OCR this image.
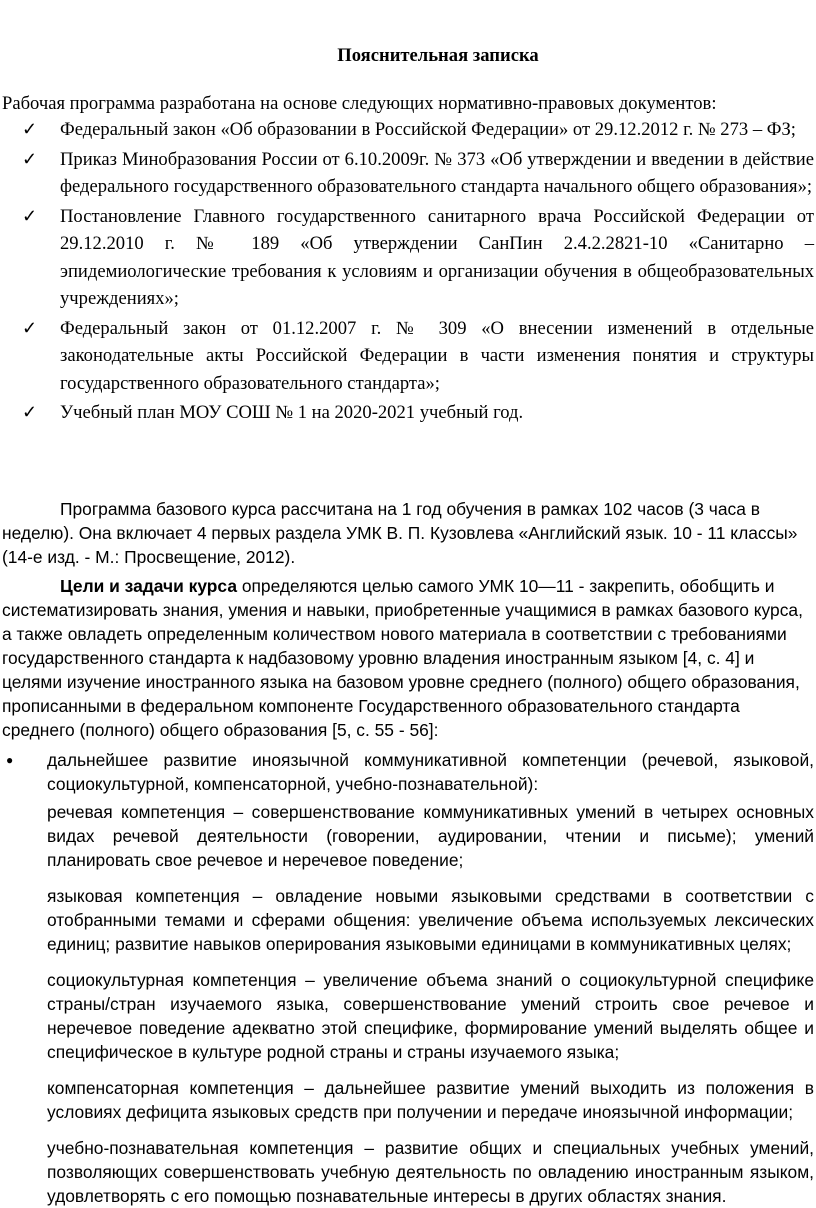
Пояснительная записка
Рабочая программа разработана на основе следующих нормативно-правовых документов:
✓ Федеральный закон «Об образовании в Российской Федерации» от 29.12.2012 г. № 273 – ФЗ;
✓ Приказ Минобразования России от 6.10.2009г. № 373 «Об утверждении и введении в действие федерального государственного образовательного стандарта начального общего образования»;
✓ Постановление Главного государственного санитарного врача Российской Федерации от 29.12.2010 г. № 189 «Об утверждении СанПин 2.4.2.2821-10 «Санитарно – эпидемиологические требования к условиям и организации обучения в общеобразовательных учреждениях»;
✓ Федеральный закон от 01.12.2007 г. № 309 «О внесении изменений в отдельные законодательные акты Российской Федерации в части изменения понятия и структуры государственного образовательного стандарта»;
✓ Учебный план МОУ СОШ № 1 на 2020-2021 учебный год.
Программа базового курса рассчитана на 1 год обучения в рамках 102 часов (3 часа в неделю). Она включает 4 первых раздела УМК В. П. Кузовлева «Английский язык. 10 - 11 классы» (14-е изд. - М.: Просвещение, 2012).
Цели и задачи курса определяются целью самого УМК 10—11 - закрепить, обобщить и систематизировать знания, умения и навыки, приобретенные учащимися в рамках базового курса, а также овладеть определенным количеством нового материала в соответствии с требованиями государственного стандарта к надбазовому уровню владения иностранным языком [4, с. 4] и целями изучение иностранного языка на базовом уровне среднего (полного) общего образования, прописанными в федеральном компоненте Государственного образовательного стандарта среднего (полного) общего образования [5, с. 55 - 56]:
● дальнейшее развитие иноязычной коммуникативной компетенции (речевой, языковой, социокультурной, компенсаторной, учебно-познавательной):
речевая компетенция – совершенствование коммуникативных умений в четырех основных видах речевой деятельности (говорении, аудировании, чтении и письме); умений планировать свое речевое и неречевое поведение;
языковая компетенция – овладение новыми языковыми средствами в соответствии с отобранными темами и сферами общения: увеличение объема используемых лексических единиц; развитие навыков оперирования языковыми единицами в коммуникативных целях;
социокультурная компетенция – увеличение объема знаний о социокультурной специфике страны/стран изучаемого языка, совершенствование умений строить свое речевое и неречевое поведение адекватно этой специфике, формирование умений выделять общее и специфическое в культуре родной страны и страны изучаемого языка;
компенсаторная компетенция – дальнейшее развитие умений выходить из положения в условиях дефицита языковых средств при получении и передаче иноязычной информации;
учебно-познавательная компетенция – развитие общих и специальных учебных умений, позволяющих совершенствовать учебную деятельность по овладению иностранным языком, удовлетворять с его помощью познавательные интересы в других областях знания.
